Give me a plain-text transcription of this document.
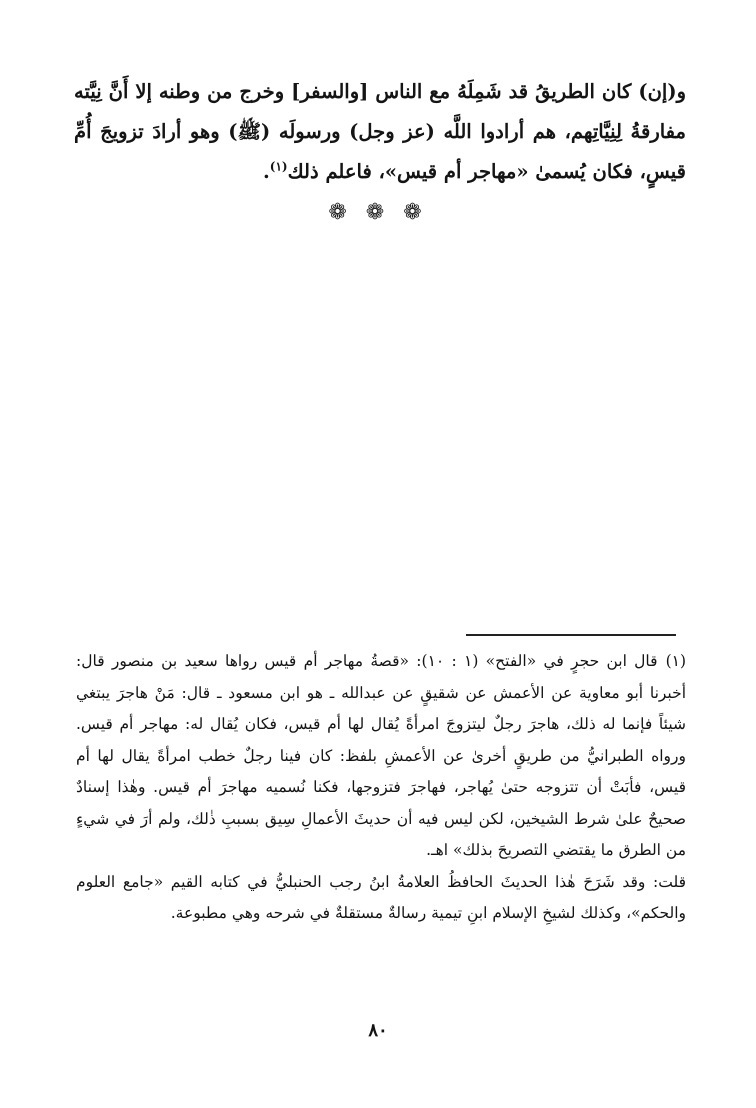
و(إن) كان الطريقُ قد شَمِلَهُ مع الناس [والسفر] وخرج من وطنه إلا أَنَّ نِيَّته مفارقةُ لِنِيَّاتِهم، هم أرادوا اللَّه (عز وجل) ورسولَه (ﷺ) وهو أرادَ تزويجَ أُمِّ قيسٍ، فكان يُسمىٰ «مهاجر أم قيس»، فاعلم ذلك$^{(١)}$.
❁ ❁ ❁

(١)قال ابن حجرٍ في «الفتح» (١ : ١٠): «قصةُ مهاجر أم قيس رواها سعيد بن منصور قال: أخبرنا أبو معاوية عن الأعمش عن شقيقٍ عن عبدالله ـ هو ابن مسعود ـ قال: مَنْ هاجرَ يبتغي شيئاً فإنما له ذلك، هاجرَ رجلٌ ليتزوجَ امرأةً يُقال لها أم قيس، فكان يُقال له: مهاجر أم قيس. ورواه الطبرانيُّ من طريقٍ أخرىٰ عن الأعمشِ بلفظ: كان فينا رجلٌ خطب امرأةً يقال لها أم قيس، فأبَتْ أن تتزوجه حتىٰ يُهاجر، فهاجرَ فتزوجها، فكنا نُسميه مهاجرَ أم قيس. وهٰذا إسنادٌ صحيحٌ علىٰ شرط الشيخين، لكن ليس فيه أن حديثَ الأعمالِ سِيق بسببِ ذٰلك، ولم أرَ في شيءٍ من الطرق ما يقتضي التصريحَ بذلك» اهـ.

قلت: وقد شَرَحَ هٰذا الحديثَ الحافظُ العلامةُ ابنُ رجب الحنبليُّ في كتابه القيم «جامع العلوم والحكم»، وكذلك لشيخِ الإسلام ابنِ تيمية رسالةٌ مستقلةٌ في شرحه وهي مطبوعة.

٨٠
